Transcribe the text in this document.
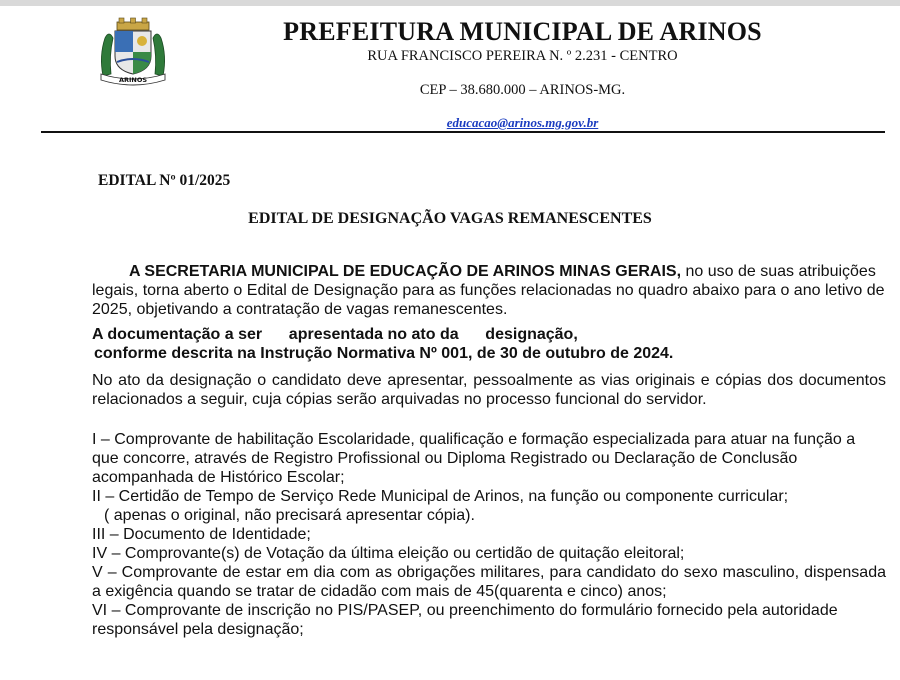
ARINOS
PREFEITURA MUNICIPAL DE ARINOS
RUA FRANCISCO PEREIRA N. º 2.231 - CENTRO
CEP – 38.680.000 – ARINOS-MG.
educacao@arinos.mg.gov.br
EDITAL Nº 01/2025
EDITAL DE DESIGNAÇÃO VAGAS REMANESCENTES
A SECRETARIA MUNICIPAL DE EDUCAÇÃO DE ARINOS MINAS GERAIS, no uso de suas atribuições legais, torna aberto o Edital de Designação para as funções relacionadas no quadro abaixo para o ano letivo de 2025, objetivando a contratação de vagas remanescentes.
A documentação a ser      apresentada no ato da      designação,
conforme descrita na Instrução Normativa Nº 001, de 30 de outubro de 2024.
No ato da designação o candidato deve apresentar, pessoalmente as vias originais e cópias dos documentos relacionados a seguir, cuja cópias serão arquivadas no processo funcional do servidor.
I – Comprovante de habilitação Escolaridade, qualificação e formação especializada para atuar na função a que concorre, através de Registro Profissional ou Diploma Registrado ou Declaração de Conclusão acompanhada de Histórico Escolar;
II – Certidão de Tempo de Serviço Rede Municipal de Arinos, na função ou componente curricular;
( apenas o original, não precisará apresentar cópia).
III – Documento de Identidade;
IV – Comprovante(s) de Votação da última eleição ou certidão de quitação eleitoral;
V – Comprovante de estar em dia com as obrigações militares, para candidato do sexo masculino, dispensada a exigência quando se tratar de cidadão com mais de 45(quarenta e cinco) anos;
VI – Comprovante de inscrição no PIS/PASEP, ou preenchimento do formulário fornecido pela autoridade responsável pela designação;
